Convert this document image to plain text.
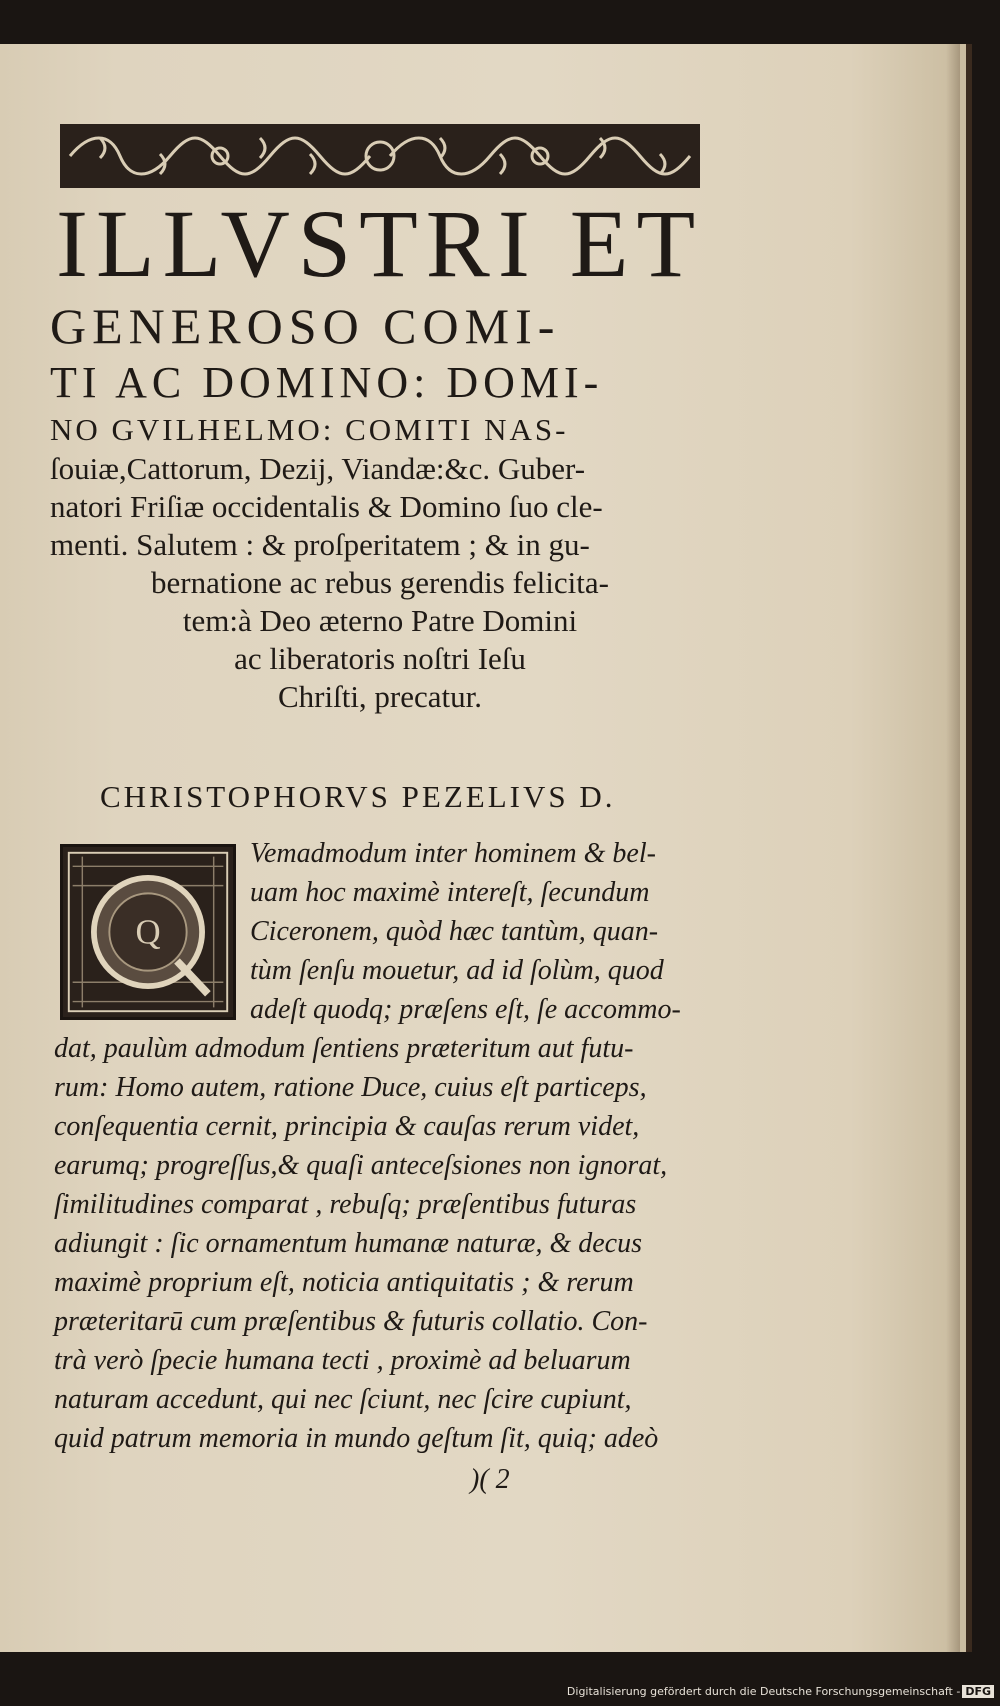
ILLVSTRI ET
GENEROSO COMI-
TI AC DOMINO: DOMI-
NO GVILHELMO: COMITI NAS-
ſouiæ,Cattorum, Dezij, Viandæ:&c. Guber-
natori Friſiæ occidentalis & Domino ſuo cle-
menti. Salutem : & proſperitatem ; & in gu-
bernatione ac rebus gerendis felicita-
tem:à Deo æterno Patre Domini
ac liberatoris noſtri Ieſu
Chriſti, precatur.
CHRISTOPHORVS PEZELIVS D.
Q
Vemadmodum inter hominem & bel-
uam hoc maximè intereſt, ſecundum
Ciceronem, quòd hæc tantùm, quan-
tùm ſenſu mouetur, ad id ſolùm, quod
adeſt quodq; præſens eſt, ſe accommo-
dat, paulùm admodum ſentiens præteritum aut futu-
rum: Homo autem, ratione Duce, cuius eſt particeps,
conſequentia cernit, principia & cauſas rerum videt,
earumq; progreſſus,& quaſi anteceſsiones non ignorat,
ſimilitudines comparat , rebuſq; præſentibus futuras
adiungit : ſic ornamentum humanæ naturæ, & decus
maximè proprium eſt, noticia antiquitatis ; & rerum
præteritarū cum præſentibus & futuris collatio. Con-
trà verò ſpecie humana tecti , proximè ad beluarum
naturam accedunt, qui nec ſciunt, nec ſcire cupiunt,
quid patrum memoria in mundo geſtum ſit, quiq; adeò
)( 2
Digitalisierung gefördert durch die Deutsche Forschungsgemeinschaft - DFG
